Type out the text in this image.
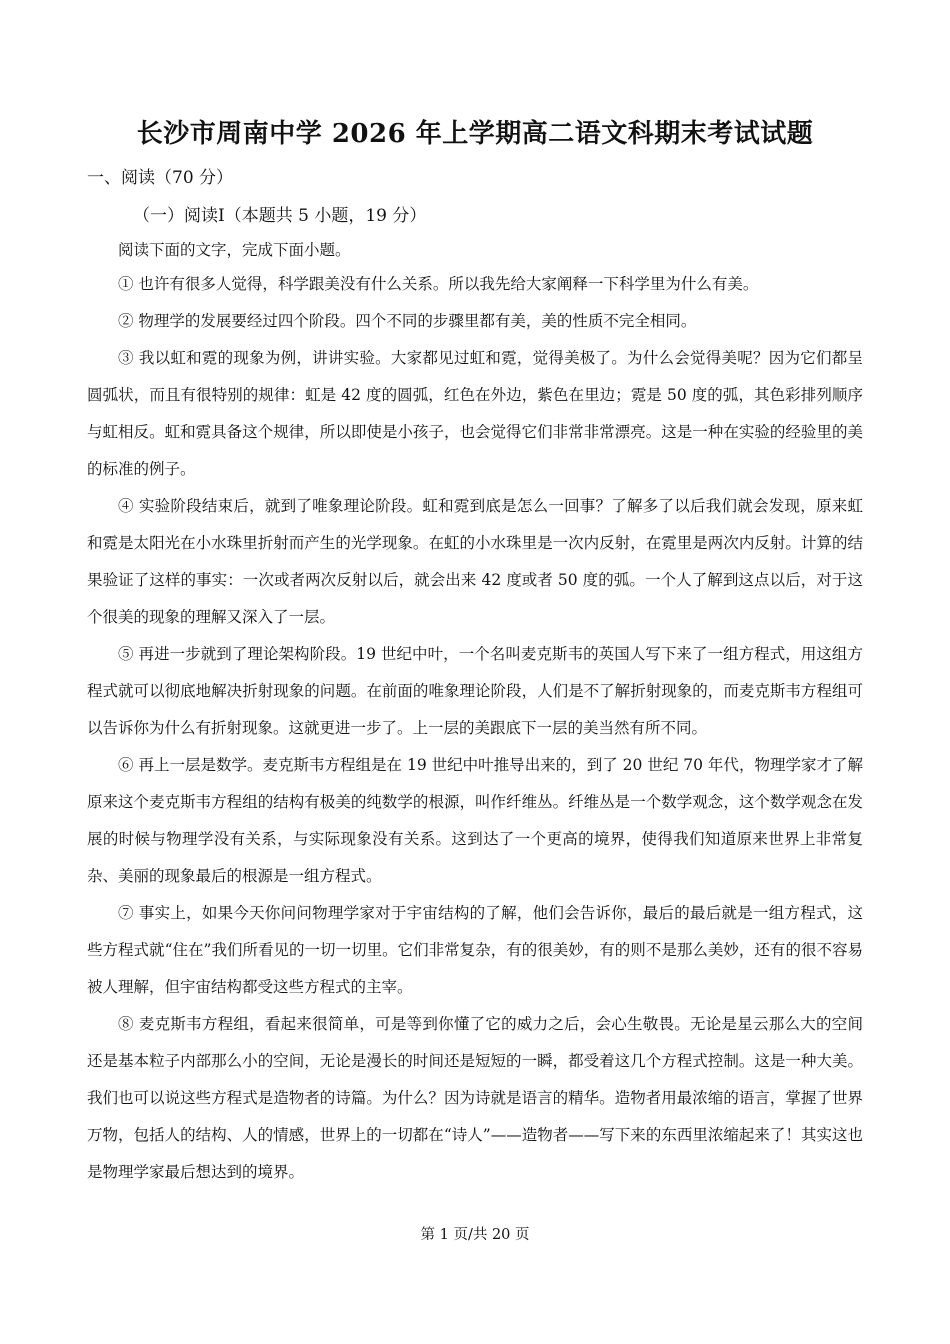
长沙市周南中学 2026 年上学期高二语文科期末考试试题
一、阅读（70 分）
（一）阅读Ⅰ（本题共 5 小题，19 分）
阅读下面的文字，完成下面小题。

① 也许有很多人觉得，科学跟美没有什么关系。所以我先给大家阐释一下科学里为什么有美。

② 物理学的发展要经过四个阶段。四个不同的步骤里都有美，美的性质不完全相同。

③ 我以虹和霓的现象为例，讲讲实验。大家都见过虹和霓，觉得美极了。为什么会觉得美呢？因为它们都呈圆弧状，而且有很特别的规律：虹是 42 度的圆弧，红色在外边，紫色在里边；霓是 50 度的弧，其色彩排列顺序与虹相反。虹和霓具备这个规律，所以即使是小孩子，也会觉得它们非常非常漂亮。这是一种在实验的经验里的美的标准的例子。

④ 实验阶段结束后，就到了唯象理论阶段。虹和霓到底是怎么一回事？了解多了以后我们就会发现，原来虹和霓是太阳光在小水珠里折射而产生的光学现象。在虹的小水珠里是一次内反射，在霓里是两次内反射。计算的结果验证了这样的事实：一次或者两次反射以后，就会出来 42 度或者 50 度的弧。一个人了解到这点以后，对于这个很美的现象的理解又深入了一层。

⑤ 再进一步就到了理论架构阶段。19 世纪中叶，一个名叫麦克斯韦的英国人写下来了一组方程式，用这组方程式就可以彻底地解决折射现象的问题。在前面的唯象理论阶段，人们是不了解折射现象的，而麦克斯韦方程组可以告诉你为什么有折射现象。这就更进一步了。上一层的美跟底下一层的美当然有所不同。

⑥ 再上一层是数学。麦克斯韦方程组是在 19 世纪中叶推导出来的，到了 20 世纪 70 年代，物理学家才了解原来这个麦克斯韦方程组的结构有极美的纯数学的根源，叫作纤维丛。纤维丛是一个数学观念，这个数学观念在发展的时候与物理学没有关系，与实际现象没有关系。这到达了一个更高的境界，使得我们知道原来世界上非常复杂、美丽的现象最后的根源是一组方程式。

⑦ 事实上，如果今天你问问物理学家对于宇宙结构的了解，他们会告诉你，最后的最后就是一组方程式，这些方程式就“住在”我们所看见的一切一切里。它们非常复杂，有的很美妙，有的则不是那么美妙，还有的很不容易被人理解，但宇宙结构都受这些方程式的主宰。

⑧ 麦克斯韦方程组，看起来很简单，可是等到你懂了它的威力之后，会心生敬畏。无论是星云那么大的空间还是基本粒子内部那么小的空间，无论是漫长的时间还是短短的一瞬，都受着这几个方程式控制。这是一种大美。我们也可以说这些方程式是造物者的诗篇。为什么？因为诗就是语言的精华。造物者用最浓缩的语言，掌握了世界万物，包括人的结构、人的情感，世界上的一切都在“诗人”——造物者——写下来的东西里浓缩起来了！其实这也是物理学家最后想达到的境界。

第 1 页/共 20 页
